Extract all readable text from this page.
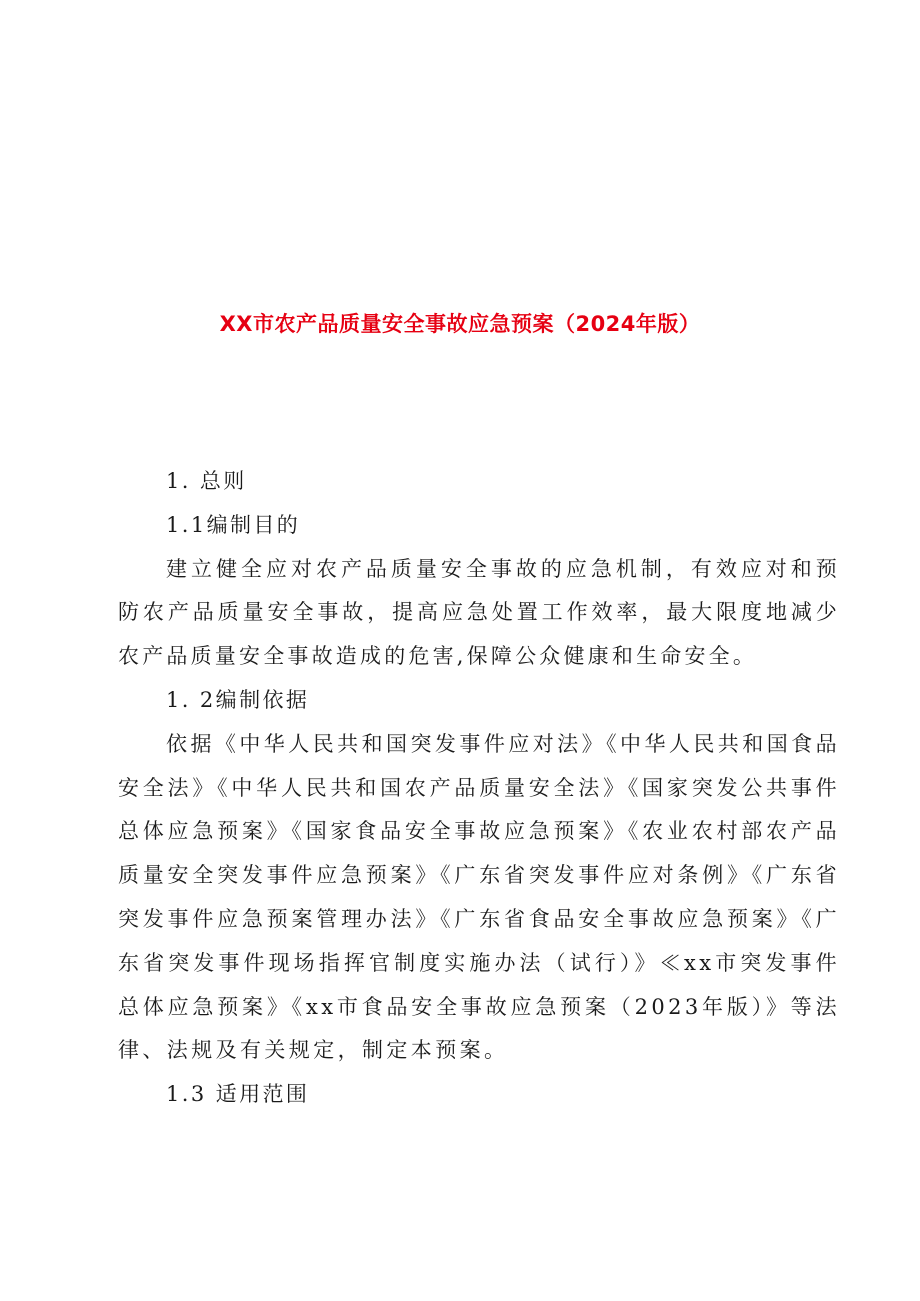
XX市农产品质量安全事故应急预案（2024年版）

1. 总则

1.1编制目的

建立健全应对农产品质量安全事故的应急机制，有效应对和预防农产品质量安全事故，提高应急处置工作效率，最大限度地减少农产品质量安全事故造成的危害,保障公众健康和生命安全。

1. 2编制依据

依据《中华人民共和国突发事件应对法》《中华人民共和国食品安全法》《中华人民共和国农产品质量安全法》《国家突发公共事件总体应急预案》《国家食品安全事故应急预案》《农业农村部农产品质量安全突发事件应急预案》《广东省突发事件应对条例》《广东省突发事件应急预案管理办法》《广东省食品安全事故应急预案》《广东省突发事件现场指挥官制度实施办法（试行）》≪xx市突发事件总体应急预案》《xx市食品安全事故应急预案（2023年版）》等法律、法规及有关规定，制定本预案。

1.3 适用范围
